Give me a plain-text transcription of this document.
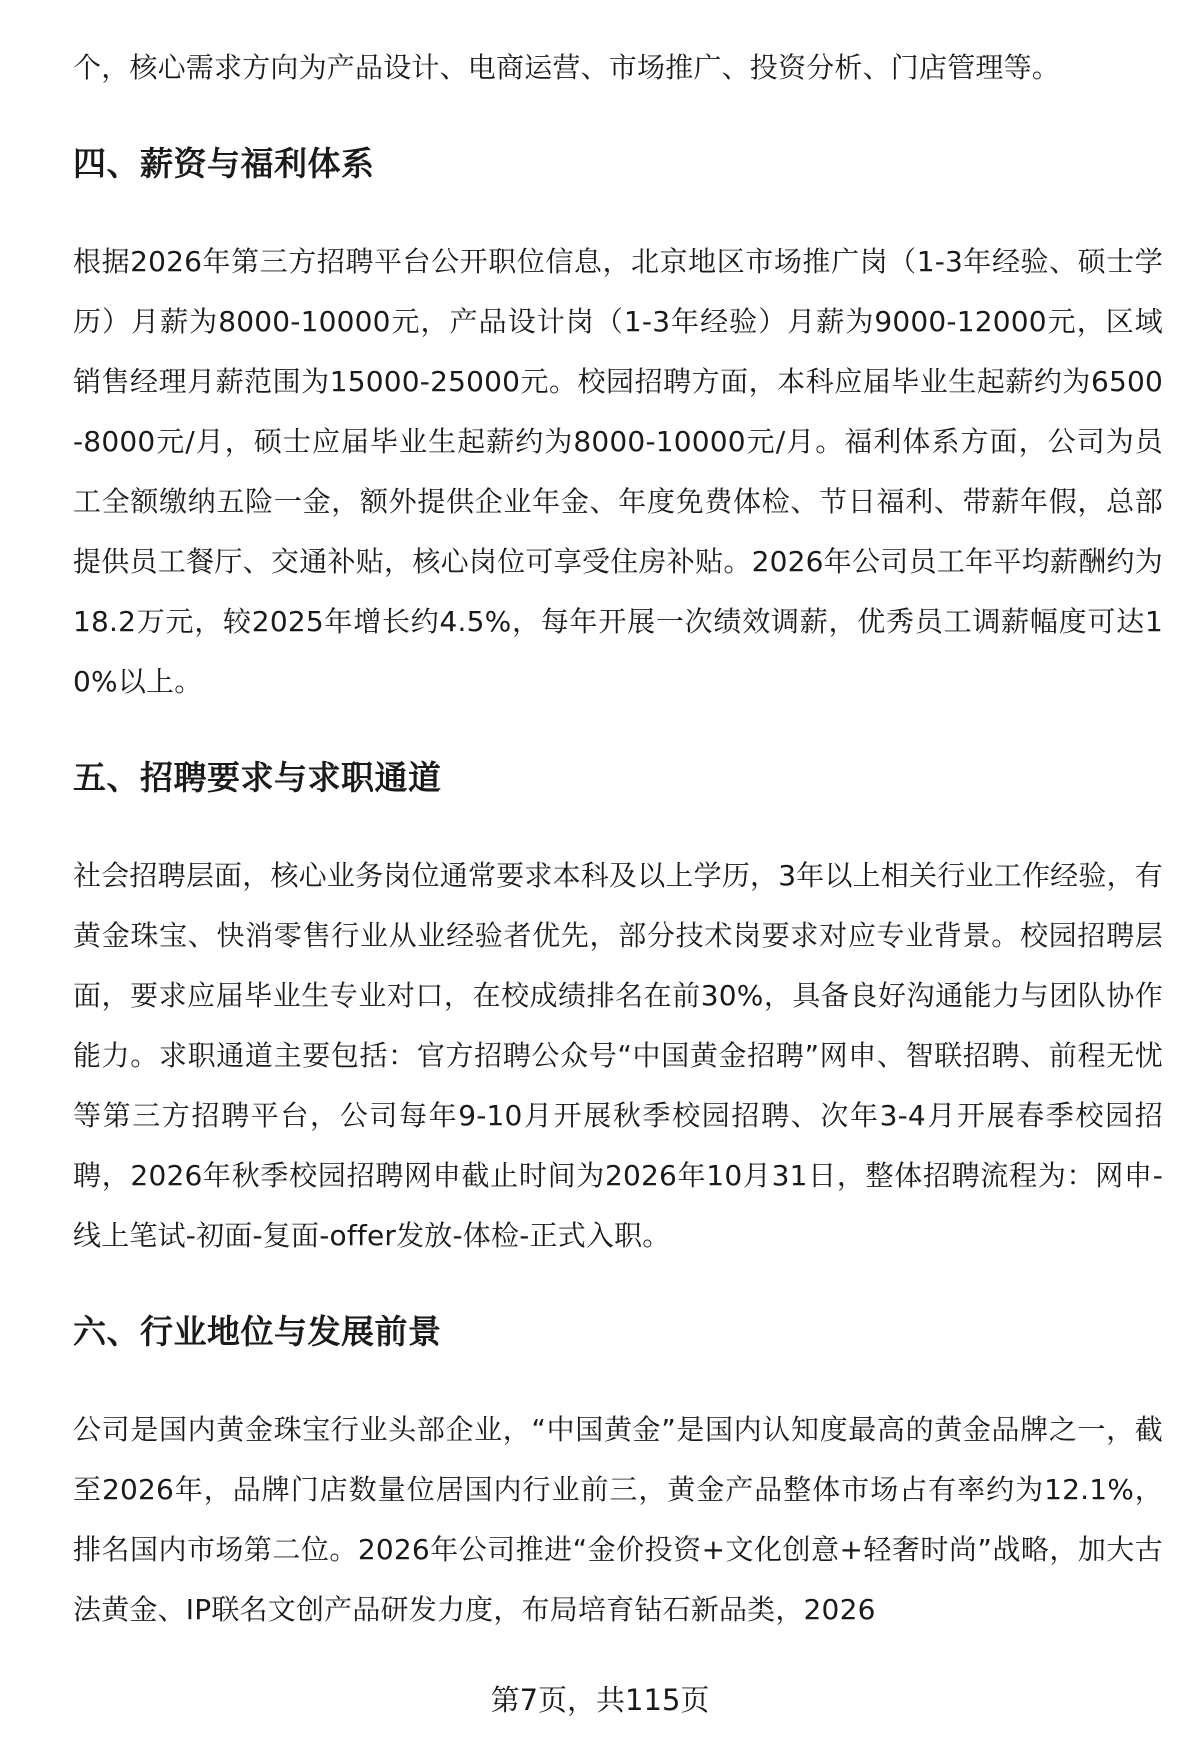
个，核心需求方向为产品设计、电商运营、市场推广、投资分析、门店管理等。

四、薪资与福利体系

根据2026年第三方招聘平台公开职位信息，北京地区市场推广岗（1-3年经验、硕士学历）月薪为8000-10000元，产品设计岗（1-3年经验）月薪为9000-12000元，区域销售经理月薪范围为15000-25000元。校园招聘方面，本科应届毕业生起薪约为6500-8000元/月，硕士应届毕业生起薪约为8000-10000元/月。福利体系方面，公司为员工全额缴纳五险一金，额外提供企业年金、年度免费体检、节日福利、带薪年假，总部提供员工餐厅、交通补贴，核心岗位可享受住房补贴。2026年公司员工年平均薪酬约为18.2万元，较2025年增长约4.5%，每年开展一次绩效调薪，优秀员工调薪幅度可达10%以上。

五、招聘要求与求职通道

社会招聘层面，核心业务岗位通常要求本科及以上学历，3年以上相关行业工作经验，有黄金珠宝、快消零售行业从业经验者优先，部分技术岗要求对应专业背景。校园招聘层面，要求应届毕业生专业对口，在校成绩排名在前30%，具备良好沟通能力与团队协作能力。求职通道主要包括：官方招聘公众号“中国黄金招聘”网申、智联招聘、前程无忧等第三方招聘平台，公司每年9-10月开展秋季校园招聘、次年3-4月开展春季校园招聘，2026年秋季校园招聘网申截止时间为2026年10月31日，整体招聘流程为：网申-线上笔试-初面-复面-offer发放-体检-正式入职。

六、行业地位与发展前景

公司是国内黄金珠宝行业头部企业，“中国黄金”是国内认知度最高的黄金品牌之一，截至2026年，品牌门店数量位居国内行业前三，黄金产品整体市场占有率约为12.1%，排名国内市场第二位。2026年公司推进“金价投资+文化创意+轻奢时尚”战略，加大古法黄金、IP联名文创产品研发力度，布局培育钻石新品类，2026

第7页，共115页
